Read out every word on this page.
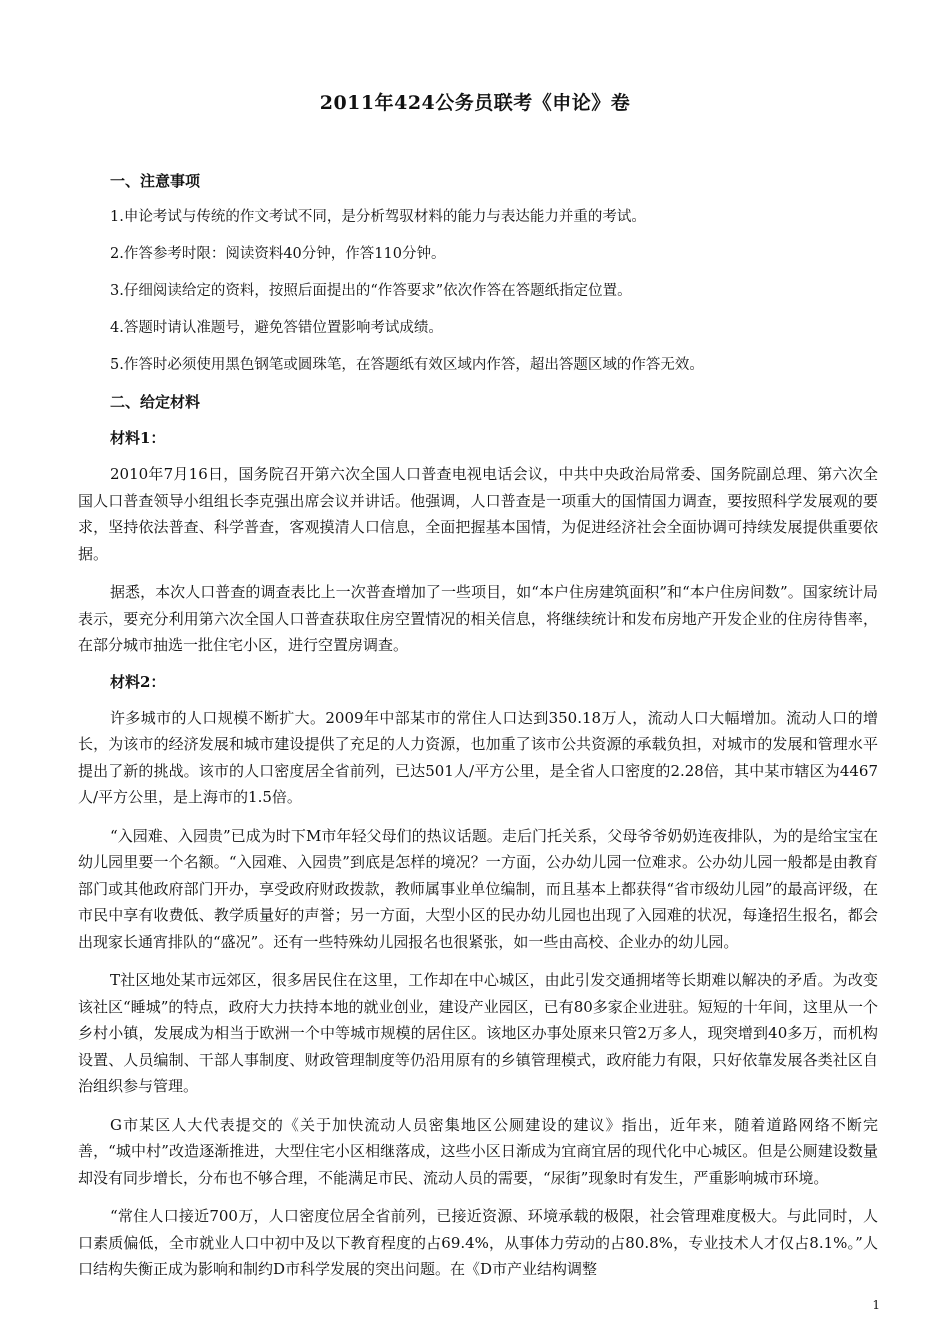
2011年424公务员联考《申论》卷
一、注意事项
1.申论考试与传统的作文考试不同，是分析驾驭材料的能力与表达能力并重的考试。
2.作答参考时限：阅读资料40分钟，作答110分钟。
3.仔细阅读给定的资料，按照后面提出的“作答要求”依次作答在答题纸指定位置。
4.答题时请认准题号，避免答错位置影响考试成绩。
5.作答时必须使用黑色钢笔或圆珠笔，在答题纸有效区域内作答，超出答题区域的作答无效。
二、给定材料
材料1：

2010年7月16日，国务院召开第六次全国人口普查电视电话会议，中共中央政治局常委、国务院副总理、第六次全国人口普查领导小组组长李克强出席会议并讲话。他强调，人口普查是一项重大的国情国力调查，要按照科学发展观的要求，坚持依法普查、科学普查，客观摸清人口信息，全面把握基本国情，为促进经济社会全面协调可持续发展提供重要依据。

据悉，本次人口普查的调查表比上一次普查增加了一些项目，如“本户住房建筑面积”和“本户住房间数”。国家统计局表示，要充分利用第六次全国人口普查获取住房空置情况的相关信息，将继续统计和发布房地产开发企业的住房待售率，在部分城市抽选一批住宅小区，进行空置房调查。

材料2：

许多城市的人口规模不断扩大。2009年中部某市的常住人口达到350.18万人，流动人口大幅增加。流动人口的增长，为该市的经济发展和城市建设提供了充足的人力资源，也加重了该市公共资源的承载负担，对城市的发展和管理水平提出了新的挑战。该市的人口密度居全省前列，已达501人/平方公里，是全省人口密度的2.28倍，其中某市辖区为4467人/平方公里，是上海市的1.5倍。

“入园难、入园贵”已成为时下M市年轻父母们的热议话题。走后门托关系，父母爷爷奶奶连夜排队，为的是给宝宝在幼儿园里要一个名额。“入园难、入园贵”到底是怎样的境况？一方面，公办幼儿园一位难求。公办幼儿园一般都是由教育部门或其他政府部门开办，享受政府财政拨款，教师属事业单位编制，而且基本上都获得“省市级幼儿园”的最高评级，在市民中享有收费低、教学质量好的声誉；另一方面，大型小区的民办幼儿园也出现了入园难的状况，每逢招生报名，都会出现家长通宵排队的“盛况”。还有一些特殊幼儿园报名也很紧张，如一些由高校、企业办的幼儿园。

T社区地处某市远郊区，很多居民住在这里，工作却在中心城区，由此引发交通拥堵等长期难以解决的矛盾。为改变该社区“睡城”的特点，政府大力扶持本地的就业创业，建设产业园区，已有80多家企业进驻。短短的十年间，这里从一个乡村小镇，发展成为相当于欧洲一个中等城市规模的居住区。该地区办事处原来只管2万多人，现突增到40多万，而机构设置、人员编制、干部人事制度、财政管理制度等仍沿用原有的乡镇管理模式，政府能力有限，只好依靠发展各类社区自治组织参与管理。

G市某区人大代表提交的《关于加快流动人员密集地区公厕建设的建议》指出，近年来，随着道路网络不断完善，“城中村”改造逐渐推进，大型住宅小区相继落成，这些小区日渐成为宜商宜居的现代化中心城区。但是公厕建设数量却没有同步增长，分布也不够合理，不能满足市民、流动人员的需要，“尿街”现象时有发生，严重影响城市环境。

“常住人口接近700万，人口密度位居全省前列，已接近资源、环境承载的极限，社会管理难度极大。与此同时，人口素质偏低，全市就业人口中初中及以下教育程度的占69.4%，从事体力劳动的占80.8%，专业技术人才仅占8.1%。”人口结构失衡正成为影响和制约D市科学发展的突出问题。在《D市产业结构调整

1
